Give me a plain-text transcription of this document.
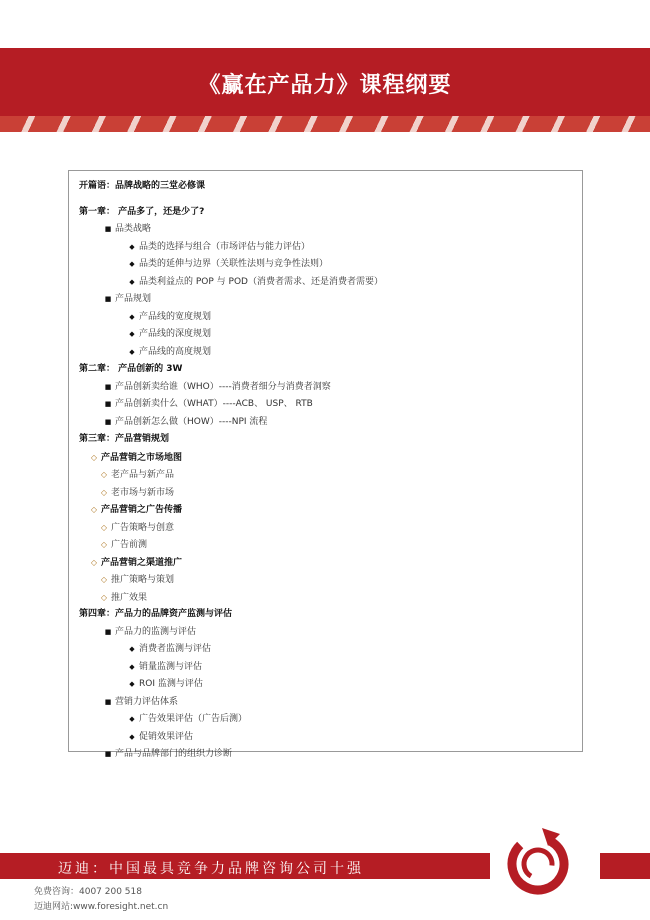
《赢在产品力》课程纲要
开篇语：品牌战略的三堂必修课
第一章： 产品多了，还是少了?
■ 品类战略
◆ 品类的选择与组合（市场评估与能力评估）
◆ 品类的延伸与边界（关联性法则与竞争性法则）
◆ 品类利益点的 POP 与 POD（消费者需求、还是消费者需要）
■ 产品规划
◆ 产品线的宽度规划
◆ 产品线的深度规划
◆ 产品线的高度规划
第二章： 产品创新的 3W
■ 产品创新卖给谁（WHO）----消费者细分与消费者洞察
■ 产品创新卖什么（WHAT）----ACB、 USP、 RTB
■ 产品创新怎么做（HOW）----NPI 流程
第三章：产品营销规划
◇ 产品营销之市场地图
◇ 老产品与新产品
◇ 老市场与新市场
◇ 产品营销之广告传播
◇ 广告策略与创意
◇ 广告前测
◇ 产品营销之渠道推广
◇ 推广策略与策划
◇ 推广效果
第四章：产品力的品牌资产监测与评估
■ 产品力的监测与评估
◆ 消费者监测与评估
◆ 销量监测与评估
◆ ROI 监测与评估
■ 营销力评估体系
◆ 广告效果评估（广告后测）
◆ 促销效果评估
■ 产品与品牌部门的组织力诊断
迈迪：中国最具竞争力品牌咨询公司十强
免费咨询：4007 200 518
迈迪网站:www.foresight.net.cn
